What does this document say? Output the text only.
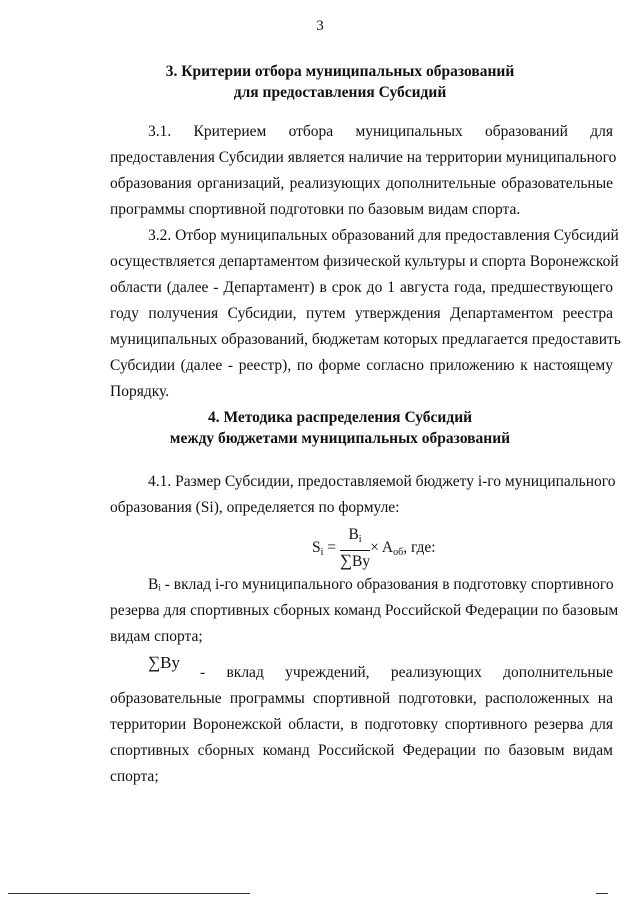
3
3. Критерии отбора муниципальных образований
для предоставления Субсидий
3.1. Критерием отбора муниципальных образований для
предоставления Субсидии является наличие на территории муниципального
образования организаций, реализующих дополнительные образовательные
программы спортивной подготовки по базовым видам спорта.
3.2. Отбор муниципальных образований для предоставления Субсидий
осуществляется департаментом физической культуры и спорта Воронежской
области (далее - Департамент) в срок до 1 августа года, предшествующего
году получения Субсидии, путем утверждения Департаментом реестра
муниципальных образований, бюджетам которых предлагается предоставить
Субсидии (далее - реестр), по форме согласно приложению к настоящему
Порядку.
4. Методика распределения Субсидий
между бюджетами муниципальных образований
4.1. Размер Субсидии, предоставляемой бюджету i-го муниципального
образования (Si), определяется по формуле:
$S_i = \frac{B_i}{\sum By} \times A_{об}$, где:
Bᵢ - вклад i-го муниципального образования в подготовку спортивного
резерва для спортивных сборных команд Российской Федерации по базовым
видам спорта;
∑By
- вклад учреждений, реализующих дополнительные
образовательные программы спортивной подготовки, расположенных на
территории Воронежской области, в подготовку спортивного резерва для
спортивных сборных команд Российской Федерации по базовым видам
спорта;
